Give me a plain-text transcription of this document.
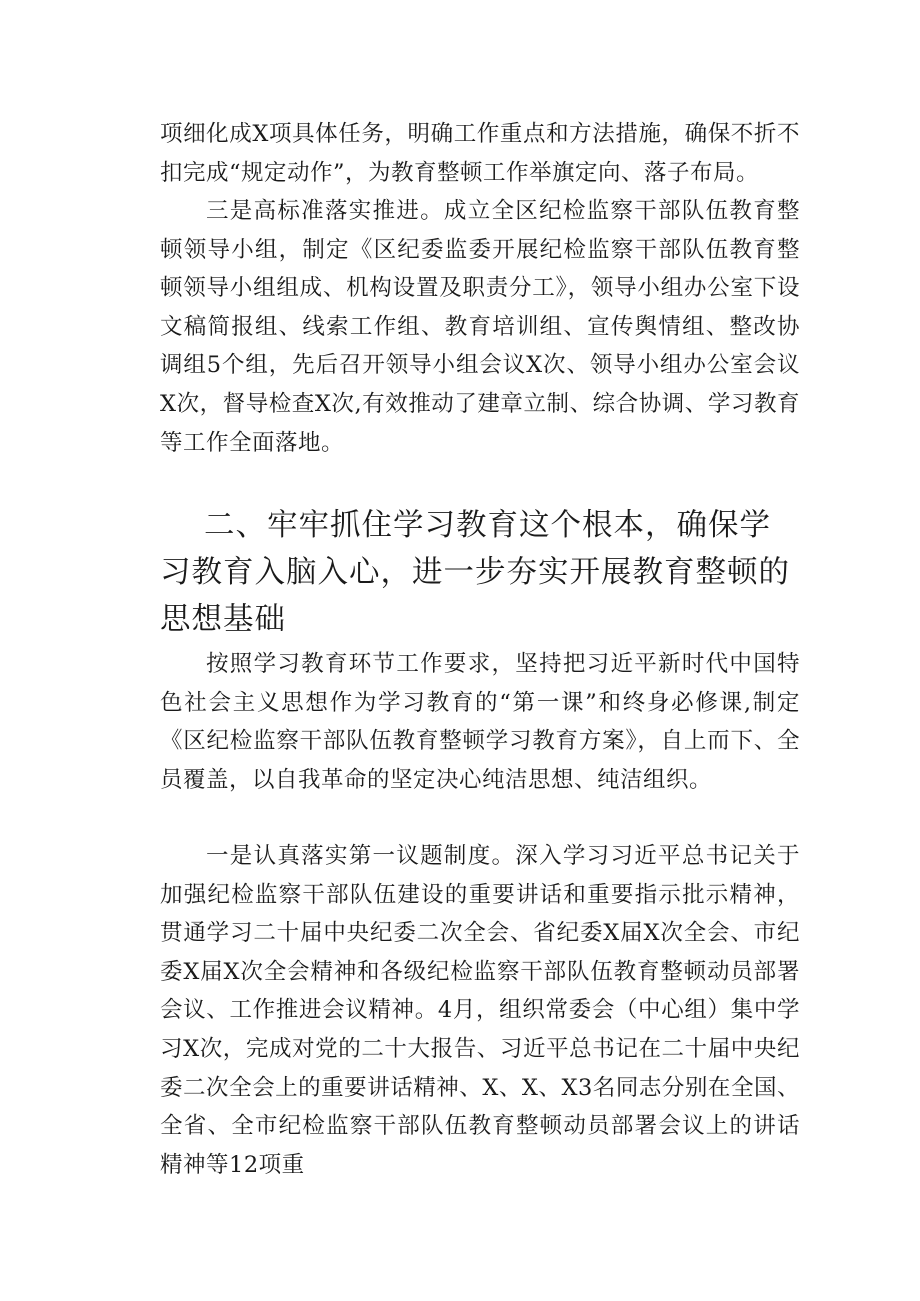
项细化成X项具体任务，明确工作重点和方法措施，确保不折不扣完成“规定动作”，为教育整顿工作举旗定向、落子布局。

三是高标准落实推进。成立全区纪检监察干部队伍教育整顿领导小组，制定《区纪委监委开展纪检监察干部队伍教育整顿领导小组组成、机构设置及职责分工》，领导小组办公室下设文稿简报组、线索工作组、教育培训组、宣传舆情组、整改协调组5个组，先后召开领导小组会议X次、领导小组办公室会议X次，督导检查X次,有效推动了建章立制、综合协调、学习教育等工作全面落地。

二、牢牢抓住学习教育这个根本，确保学习教育入脑入心，进一步夯实开展教育整顿的思想基础

按照学习教育环节工作要求，坚持把习近平新时代中国特色社会主义思想作为学习教育的“第一课”和终身必修课,制定《区纪检监察干部队伍教育整顿学习教育方案》，自上而下、全员覆盖，以自我革命的坚定决心纯洁思想、纯洁组织。

一是认真落实第一议题制度。深入学习习近平总书记关于加强纪检监察干部队伍建设的重要讲话和重要指示批示精神，贯通学习二十届中央纪委二次全会、省纪委X届X次全会、市纪委X届X次全会精神和各级纪检监察干部队伍教育整顿动员部署会议、工作推进会议精神。4月，组织常委会（中心组）集中学习X次，完成对党的二十大报告、习近平总书记在二十届中央纪委二次全会上的重要讲话精神、X、X、X3名同志分别在全国、全省、全市纪检监察干部队伍教育整顿动员部署会议上的讲话精神等12项重
